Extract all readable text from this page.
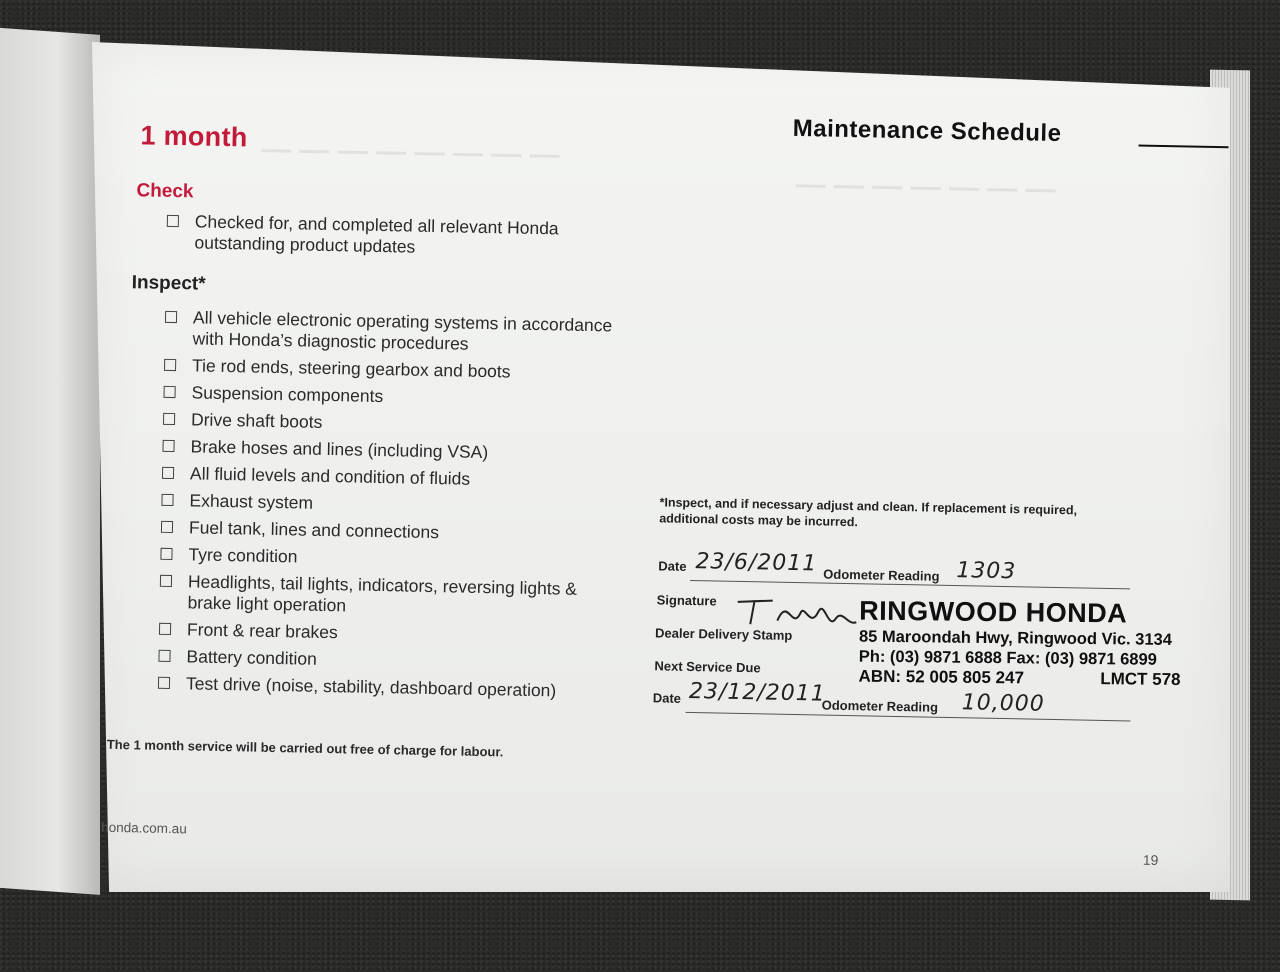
— — — — — — — —
— — — — — — —
1 month
Check
Checked for, and completed all relevant Honda outstanding product updates
Inspect*
All vehicle electronic operating systems in accordance with Honda’s diagnostic procedures
Tie rod ends, steering gearbox and boots
Suspension components
Drive shaft boots
Brake hoses and lines (including VSA)
All fluid levels and condition of fluids
Exhaust system
Fuel tank, lines and connections
Tyre condition
Headlights, tail lights, indicators, reversing lights & brake light operation
Front & rear brakes
Battery condition
Test drive (noise, stability, dashboard operation)
The 1 month service will be carried out free of charge for labour.
honda.com.au
Maintenance Schedule
*Inspect, and if necessary adjust and clean. If replacement is required, additional costs may be incurred.
Date 23/6/2011 Odometer Reading 1303
Signature
Dealer Delivery Stamp
RINGWOOD HONDA
85 Maroondah Hwy, Ringwood Vic. 3134
Ph: (03) 9871 6888 Fax: (03) 9871 6899
ABN: 52 005 805 247	LMCT 578
Next Service Due
Date 23/12/2011
Odometer Reading 10,000
19
